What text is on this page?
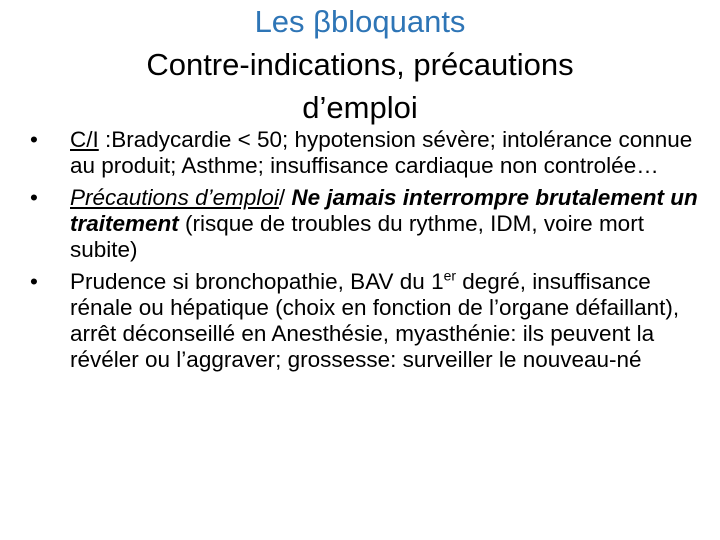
Les βbloquants
Contre-indications, précautions
d’emploi
•	C/I :Bradycardie < 50; hypotension sévère; intolérance connue au produit; Asthme; insuffisance cardiaque non controlée…
•	Précautions d’emploi/ Ne jamais interrompre brutalement un traitement (risque de troubles du rythme, IDM, voire mort subite)
•	Prudence si bronchopathie, BAV du 1er degré, insuffisance rénale ou hépatique (choix en fonction de l’organe défaillant), arrêt déconseillé en Anesthésie, myasthénie: ils peuvent la révéler ou l’aggraver; grossesse: surveiller le nouveau-né
